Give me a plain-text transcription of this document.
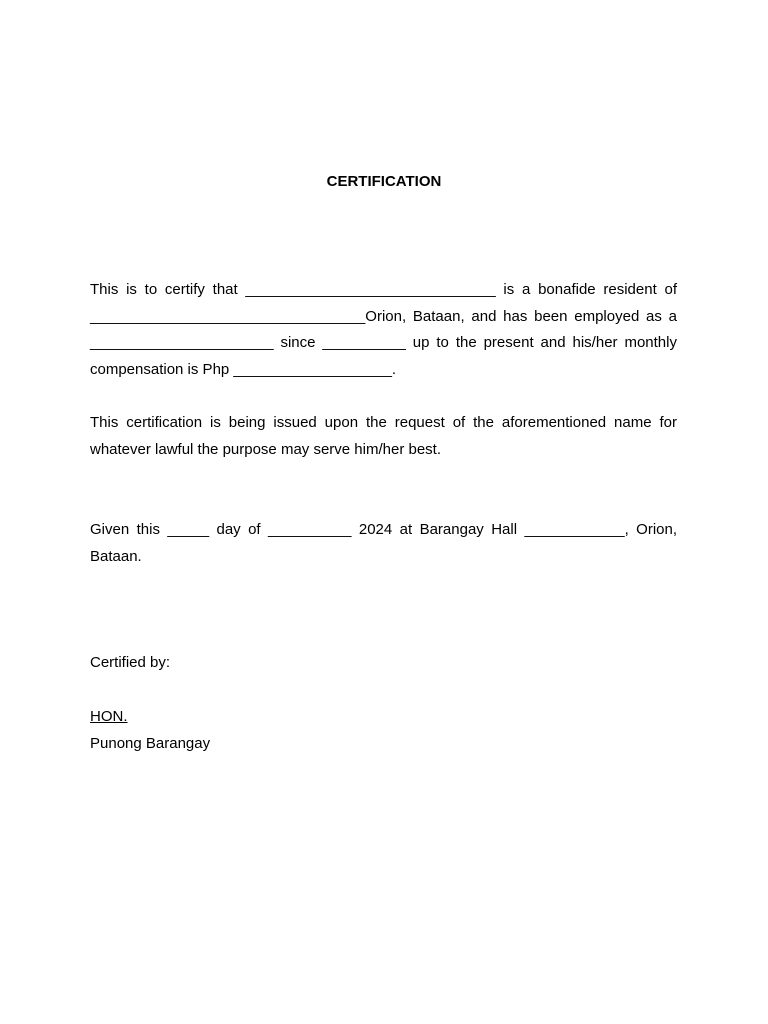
CERTIFICATION

This is to certify that ______________________________ is a bonafide resident of _________________________________Orion, Bataan, and has been employed as a ______________________ since __________ up to the present and his/her monthly compensation is Php ___________________.

This certification is being issued upon the request of the aforementioned name for whatever lawful the purpose may serve him/her best.

Given this _____ day of __________ 2024 at Barangay Hall ____________, Orion, Bataan.

Certified by:

HON.

Punong Barangay
